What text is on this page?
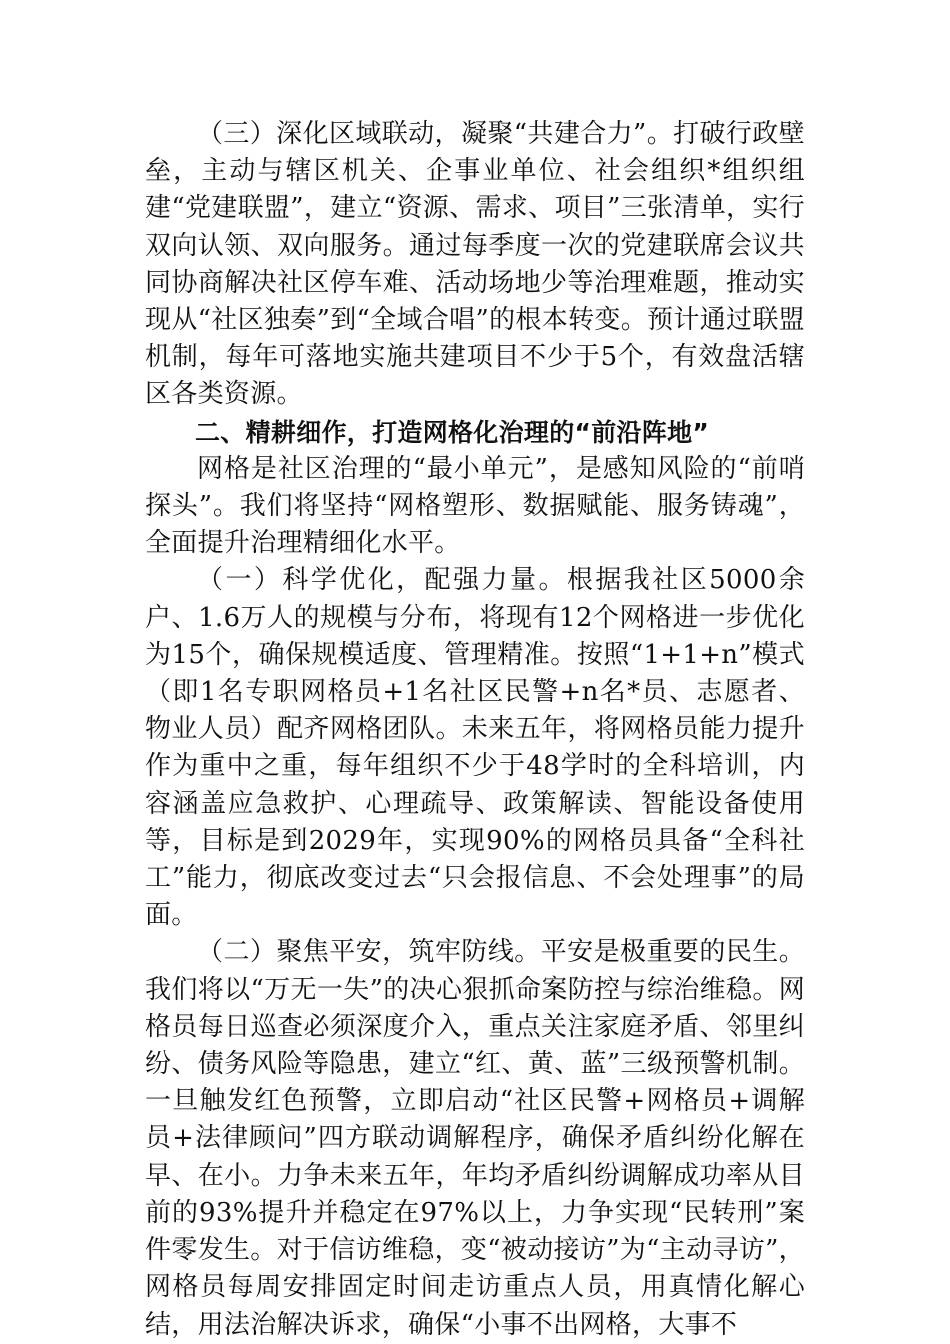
（三）深化区域联动，凝聚“共建合力”。打破行政壁垒，主动与辖区机关、企事业单位、社会组织*组织组建“党建联盟”，建立“资源、需求、项目”三张清单，实行双向认领、双向服务。通过每季度一次的党建联席会议共同协商解决社区停车难、活动场地少等治理难题，推动实现从“社区独奏”到“全域合唱”的根本转变。预计通过联盟机制，每年可落地实施共建项目不少于5个，有效盘活辖区各类资源。

二、精耕细作，打造网格化治理的“前沿阵地”

网格是社区治理的“最小单元”，是感知风险的“前哨探头”。我们将坚持“网格塑形、数据赋能、服务铸魂”，全面提升治理精细化水平。

（一）科学优化，配强力量。根据我社区5000余户、1.6万人的规模与分布，将现有12个网格进一步优化为15个，确保规模适度、管理精准。按照“1+1+n”模式（即1名专职网格员+1名社区民警+n名*员、志愿者、物业人员）配齐网格团队。未来五年，将网格员能力提升作为重中之重，每年组织不少于48学时的全科培训，内容涵盖应急救护、心理疏导、政策解读、智能设备使用等，目标是到2029年，实现90%的网格员具备“全科社工”能力，彻底改变过去“只会报信息、不会处理事”的局面。

（二）聚焦平安，筑牢防线。平安是极重要的民生。我们将以“万无一失”的决心狠抓命案防控与综治维稳。网格员每日巡查必须深度介入，重点关注家庭矛盾、邻里纠纷、债务风险等隐患，建立“红、黄、蓝”三级预警机制。一旦触发红色预警，立即启动“社区民警+网格员+调解员+法律顾问”四方联动调解程序，确保矛盾纠纷化解在早、在小。力争未来五年，年均矛盾纠纷调解成功率从目前的93%提升并稳定在97%以上，力争实现“民转刑”案件零发生。对于信访维稳，变“被动接访”为“主动寻访”，网格员每周安排固定时间走访重点人员，用真情化解心结，用法治解决诉求，确保“小事不出网格，大事不
